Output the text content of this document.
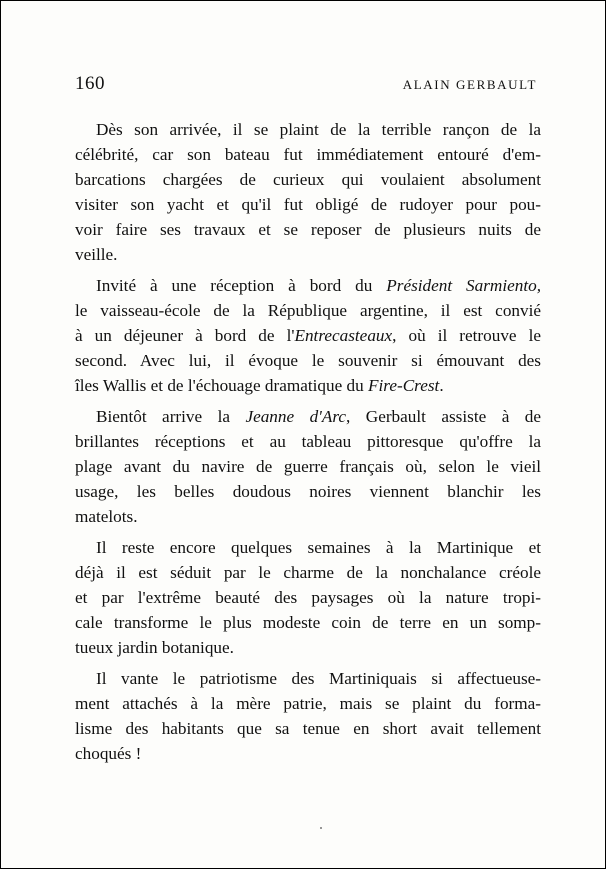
160	ALAIN GERBAULT
Dès son arrivée, il se plaint de la terrible rançon de la
célébrité, car son bateau fut immédiatement entouré d'em-
barcations chargées de curieux qui voulaient absolument
visiter son yacht et qu'il fut obligé de rudoyer pour pou-
voir faire ses travaux et se reposer de plusieurs nuits de
veille.
Invité à une réception à bord du Président Sarmiento,
le vaisseau-école de la République argentine, il est convié
à un déjeuner à bord de l'Entrecasteaux, où il retrouve le
second. Avec lui, il évoque le souvenir si émouvant des
îles Wallis et de l'échouage dramatique du Fire-Crest.
Bientôt arrive la Jeanne d'Arc, Gerbault assiste à de
brillantes réceptions et au tableau pittoresque qu'offre la
plage avant du navire de guerre français où, selon le vieil
usage, les belles doudous noires viennent blanchir les
matelots.
Il reste encore quelques semaines à la Martinique et
déjà il est séduit par le charme de la nonchalance créole
et par l'extrême beauté des paysages où la nature tropi-
cale transforme le plus modeste coin de terre en un somp-
tueux jardin botanique.
Il vante le patriotisme des Martiniquais si affectueuse-
ment attachés à la mère patrie, mais se plaint du forma-
lisme des habitants que sa tenue en short avait tellement
choqués !
